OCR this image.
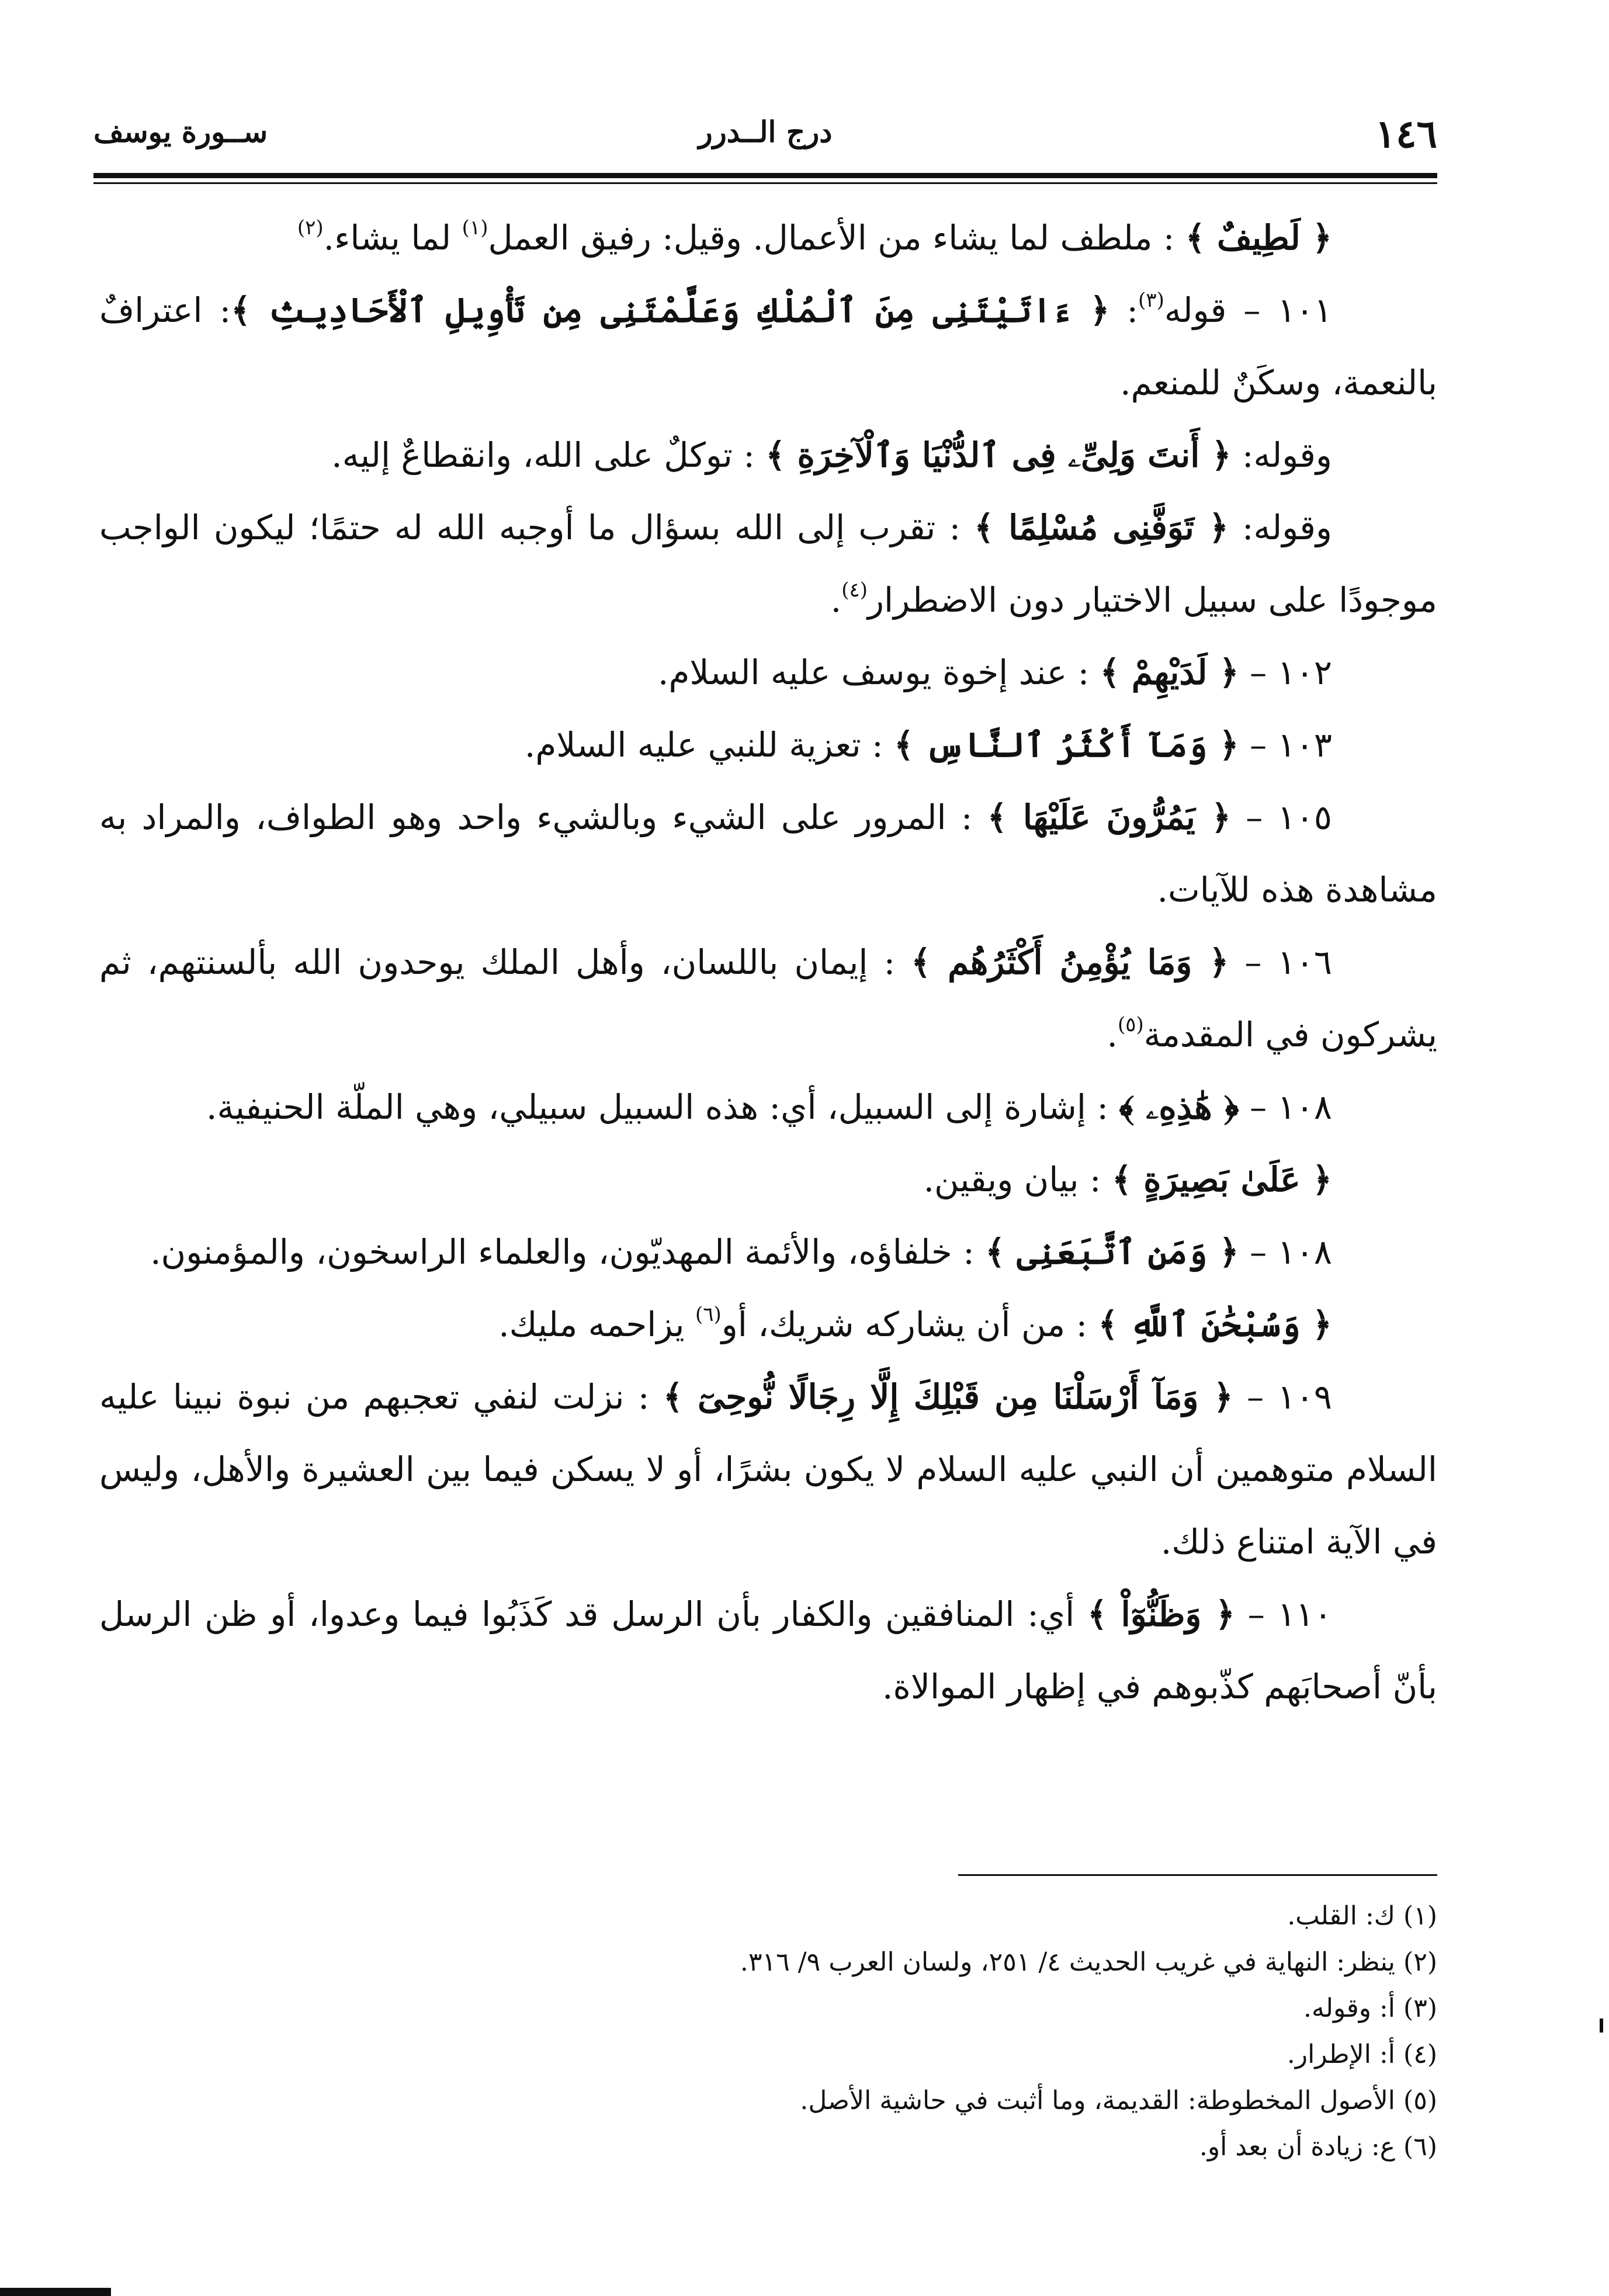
١٤٦
درج الــدرر
ســورة يوسف

﴿ لَطِيفٌ ﴾ : ملطف لما يشاء من الأعمال. وقيل: رفيق العمل$^{(١)}$ لما يشاء.$^{(٢)}$

١٠١ – قوله$^{(٣)}$: ﴿ ءَاتَيْتَنِى مِنَ ٱلْمُلْكِ وَعَلَّمْتَنِى مِن تَأْوِيلِ ٱلْأَحَادِيثِ ﴾: اعترافٌ بالنعمة، وسكَنٌ للمنعم.

وقوله: ﴿ أَنتَ وَلِىِّۦ فِى ٱلدُّنْيَا وَٱلْآخِرَةِ ﴾ : توكلٌ على الله، وانقطاعٌ إليه.

وقوله: ﴿ تَوَفَّنِى مُسْلِمًا ﴾ : تقرب إلى الله بسؤال ما أوجبه الله له حتمًا؛ ليكون الواجب موجودًا على سبيل الاختيار دون الاضطرار$^{(٤)}$.

١٠٢ – ﴿ لَدَيْهِمْ ﴾ : عند إخوة يوسف عليه السلام.

١٠٣ – ﴿ وَمَآ أَكْثَرُ ٱلنَّاسِ ﴾ : تعزية للنبي عليه السلام.

١٠٥ – ﴿ يَمُرُّونَ عَلَيْهَا ﴾ : المرور على الشيء وبالشيء واحد وهو الطواف، والمراد به مشاهدة هذه للآيات.

١٠٦ – ﴿ وَمَا يُؤْمِنُ أَكْثَرُهُم ﴾ : إيمان باللسان، وأهل الملك يوحدون الله بألسنتهم، ثم يشركون في المقدمة$^{(٥)}$.

١٠٨ – ﴿ هَٰذِهِۦ ﴾ : إشارة إلى السبيل، أي: هذه السبيل سبيلي، وهي الملّة الحنيفية.

﴿ عَلَىٰ بَصِيرَةٍ ﴾ : بيان ويقين.

١٠٨ – ﴿ وَمَنِ ٱتَّبَعَنِى ﴾ : خلفاؤه، والأئمة المهديّون، والعلماء الراسخون، والمؤمنون.

﴿ وَسُبْحَٰنَ ٱللَّهِ ﴾ : من أن يشاركه شريك، أو$^{(٦)}$ يزاحمه مليك.

١٠٩ – ﴿ وَمَآ أَرْسَلْنَا مِن قَبْلِكَ إِلَّا رِجَالًا نُّوحِىٓ ﴾ : نزلت لنفي تعجبهم من نبوة نبينا عليه السلام متوهمين أن النبي عليه السلام لا يكون بشرًا، أو لا يسكن فيما بين العشيرة والأهل، وليس في الآية امتناع ذلك.

١١٠ – ﴿ وَظَنُّوٓاْ ﴾ أي: المنافقين والكفار بأن الرسل قد كَذَبُوا فيما وعدوا، أو ظن الرسل بأنّ أصحابَهم كذّبوهم في إظهار الموالاة.

(١) ك: القلب.

(٢) ينظر: النهاية في غريب الحديث ٤/ ٢٥١، ولسان العرب ٩/ ٣١٦.

(٣) أ: وقوله.

(٤) أ: الإطرار.

(٥) الأصول المخطوطة: القديمة، وما أثبت في حاشية الأصل.

(٦) ع: زيادة أن بعد أو.
